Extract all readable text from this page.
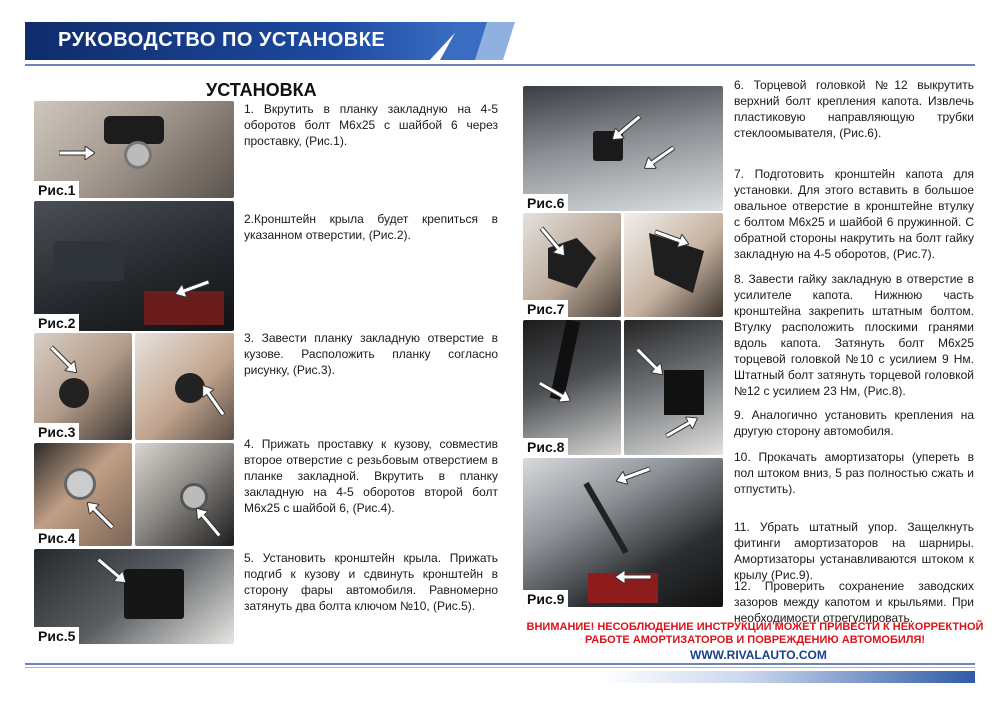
РУКОВОДСТВО ПО УСТАНОВКЕ
УСТАНОВКА
Рис.1
Рис.2
Рис.3
Рис.4
Рис.5
1. Вкрутить в планку закладную на 4-5 оборотов болт М6х25 с шайбой 6 через проставку, (Рис.1).
2.Кронштейн крыла будет крепиться в указанном отверстии, (Рис.2).
3. Завести планку закладную отверстие в кузове. Расположить планку согласно рисунку, (Рис.3).
4. Прижать проставку к кузову, совместив второе отверстие с резьбовым отверстием в планке закладной. Вкрутить в планку закладную на 4-5 оборотов второй болт М6х25 с шайбой 6, (Рис.4).
5. Установить кронштейн крыла. Прижать подгиб к кузову и сдвинуть кронштейн в сторону фары автомобиля. Равномерно затянуть два болта ключом №10, (Рис.5).
Рис.6
Рис.7
Рис.8
Рис.9
6. Торцевой головкой №12 выкрутить верхний болт крепления капота. Извлечь пластиковую направляющую трубки стеклоомывателя, (Рис.6).
7. Подготовить кронштейн капота для установки. Для этого вставить в большое овальное отверстие в кронштейне втулку с болтом М6х25 и шайбой 6 пружинной. С обратной стороны накрутить на болт гайку закладную на 4-5 оборотов, (Рис.7).
8. Завести гайку закладную в отверстие в усилителе капота. Нижнюю часть кронштейна закрепить штатным болтом. Втулку расположить плоскими гранями вдоль капота. Затянуть болт М6х25 торцевой головкой №10 с усилием 9 Нм. Штатный болт затянуть торцевой головкой №12 с усилием 23 Нм, (Рис.8).
9. Аналогично установить крепления на другую сторону автомобиля.
10. Прокачать амортизаторы (упереть в пол штоком вниз, 5 раз полностью сжать и отпустить).
11. Убрать штатный упор. Защелкнуть фитинги амортизаторов на шарниры. Амортизаторы устанавливаются штоком к крылу (Рис.9).
12. Проверить сохранение заводских зазоров между капотом и крыльями. При необходимости отрегулировать.
ВНИМАНИЕ! НЕСОБЛЮДЕНИЕ ИНСТРУКЦИИ МОЖЕТ ПРИВЕСТИ К НЕКОРРЕКТНОЙ
РАБОТЕ АМОРТИЗАТОРОВ И ПОВРЕЖДЕНИЮ АВТОМОБИЛЯ!
WWW.RIVALAUTO.COM
